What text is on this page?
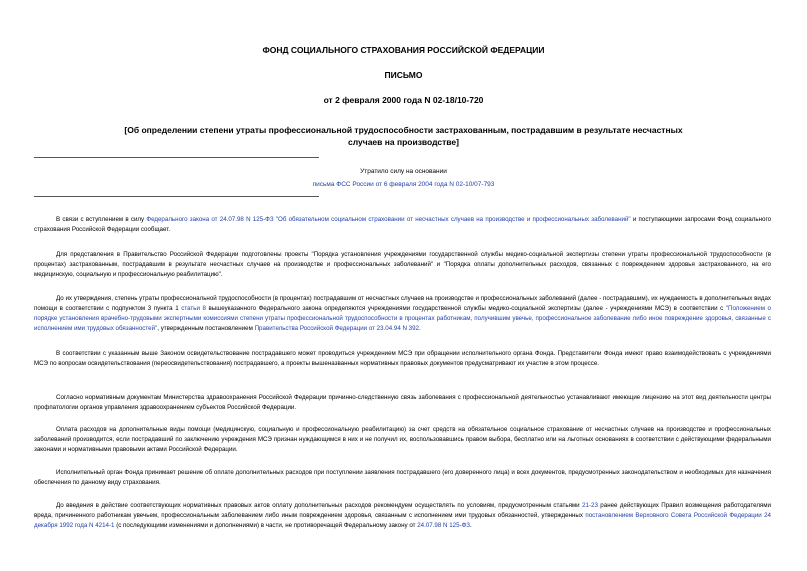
ФОНД СОЦИАЛЬНОГО СТРАХОВАНИЯ РОССИЙСКОЙ ФЕДЕРАЦИИ
ПИСЬМО
от 2 февраля 2000 года N 02-18/10-720
[Об определении степени утраты профессиональной трудоспособности застрахованным, пострадавшим в результате несчастных случаев на производстве]
Утратило силу на основании
письма ФСС России от 6 февраля 2004 года N 02-10/07-793

В связи с вступлением в силу Федерального закона от 24.07.98 N 125-ФЗ "Об обязательном социальном страховании от несчастных случаев на производстве и профессиональных заболеваний" и поступающими запросами Фонд социального страхования Российской Федерации сообщает.

Для представления в Правительство Российской Федерации подготовлены проекты "Порядка установления учреждениями государственной службы медико-социальной экспертизы степени утраты профессиональной трудоспособности (в процентах) застрахованным, пострадавшим в результате несчастных случаев на производстве и профессиональных заболеваний" и "Порядка оплаты дополнительных расходов, связанных с повреждением здоровья застрахованного, на его медицинскую, социальную и профессиональную реабилитацию".

До их утверждения, степень утраты профессиональной трудоспособности (в процентах) пострадавшим от несчастных случаев на производстве и профессиональных заболеваний (далее - пострадавшим), их нуждаемость в дополнительных видах помощи в соответствии с подпунктом 3 пункта 1 статьи 8 вышеуказанного Федерального закона определяются учреждениями государственной службы медико-социальной экспертизы (далее - учреждениями МСЭ) в соответствии с "Положением о порядке установления врачебно-трудовыми экспертными комиссиями степени утраты профессиональной трудоспособности в процентах работникам, получившим увечье, профессиональное заболевание либо иное повреждение здоровья, связанные с исполнением ими трудовых обязанностей", утвержденным постановлением Правительства Российской Федерации от 23.04.94 N 392.

В соответствии с указанным выше Законом освидетельствование пострадавшего может проводиться учреждением МСЭ при обращении исполнительного органа Фонда. Представители Фонда имеют право взаимодействовать с учреждениями МСЭ по вопросам освидетельствования (переосвидетельствования) пострадавшего, а проекты вышеназванных нормативных правовых документов предусматривают их участие в этом процессе.

Согласно нормативным документам Министерства здравоохранения Российской Федерации причинно-следственную связь заболевания с профессиональной деятельностью устанавливают имеющие лицензию на этот вид деятельности центры профпатологии органов управления здравоохранением субъектов Российской Федерации.

Оплата расходов на дополнительные виды помощи (медицинскую, социальную и профессиональную реабилитацию) за счет средств на обязательное социальное страхование от несчастных случаев на производстве и профессиональных заболеваний производится, если пострадавший по заключению учреждения МСЭ признан нуждающимся в них и не получил их, воспользовавшись правом выбора, бесплатно или на льготных основаниях в соответствии с действующими федеральными законами и нормативными правовыми актами Российской Федерации.

Исполнительный орган Фонда принимает решение об оплате дополнительных расходов при поступлении заявления пострадавшего (его доверенного лица) и всех документов, предусмотренных законодательством и необходимых для назначения обеспечения по данному виду страхования.

До введения в действие соответствующих нормативных правовых актов оплату дополнительных расходов рекомендуем осуществлять по условиям, предусмотренным статьями 21-23 ранее действующих Правил возмещения работодателями вреда, причиненного работникам увечьем, профессиональным заболеванием либо иным повреждением здоровья, связанным с исполнением ими трудовых обязанностей, утвержденных постановлением Верховного Совета Российской Федерации 24 декабря 1992 года N 4214-1 (с последующими изменениями и дополнениями) в части, не противоречащей Федеральному закону от 24.07.98 N 125-ФЗ.
